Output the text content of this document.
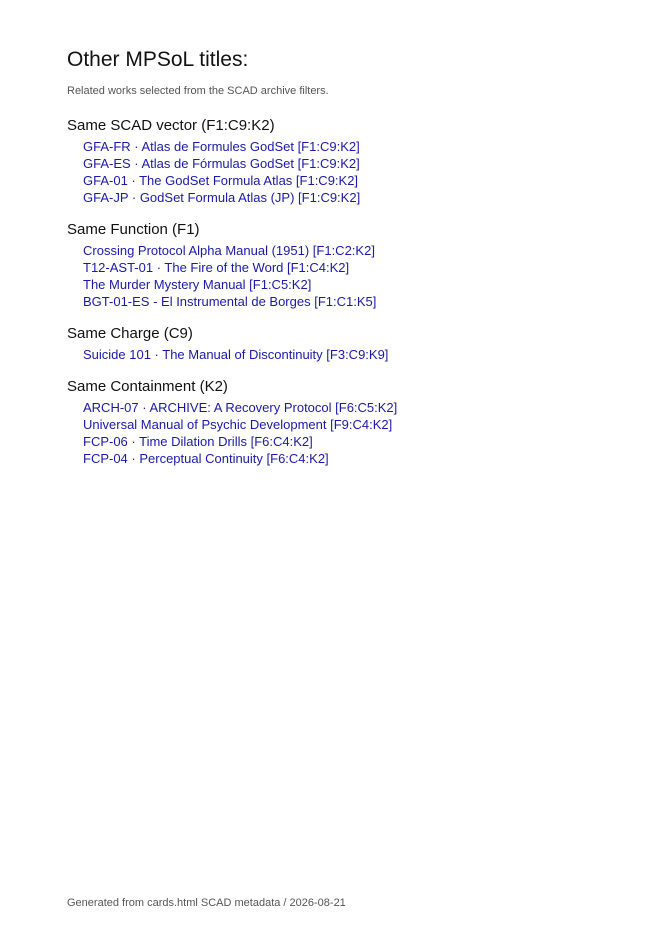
Other MPSoL titles:

Related works selected from the SCAD archive filters.

Same SCAD vector (F1:C9:K2)
GFA-FR · Atlas de Formules GodSet [F1:C9:K2]
GFA-ES · Atlas de Fórmulas GodSet [F1:C9:K2]
GFA-01 · The GodSet Formula Atlas [F1:C9:K2]
GFA-JP · GodSet Formula Atlas (JP) [F1:C9:K2]
Same Function (F1)
Crossing Protocol Alpha Manual (1951) [F1:C2:K2]
T12-AST-01 · The Fire of the Word [F1:C4:K2]
The Murder Mystery Manual [F1:C5:K2]
BGT-01-ES - El Instrumental de Borges [F1:C1:K5]
Same Charge (C9)
Suicide 101 · The Manual of Discontinuity [F3:C9:K9]
Same Containment (K2)
ARCH-07 · ARCHIVE: A Recovery Protocol [F6:C5:K2]
Universal Manual of Psychic Development [F9:C4:K2]
FCP-06 · Time Dilation Drills [F6:C4:K2]
FCP-04 · Perceptual Continuity [F6:C4:K2]
Generated from cards.html SCAD metadata / 2026-08-21
